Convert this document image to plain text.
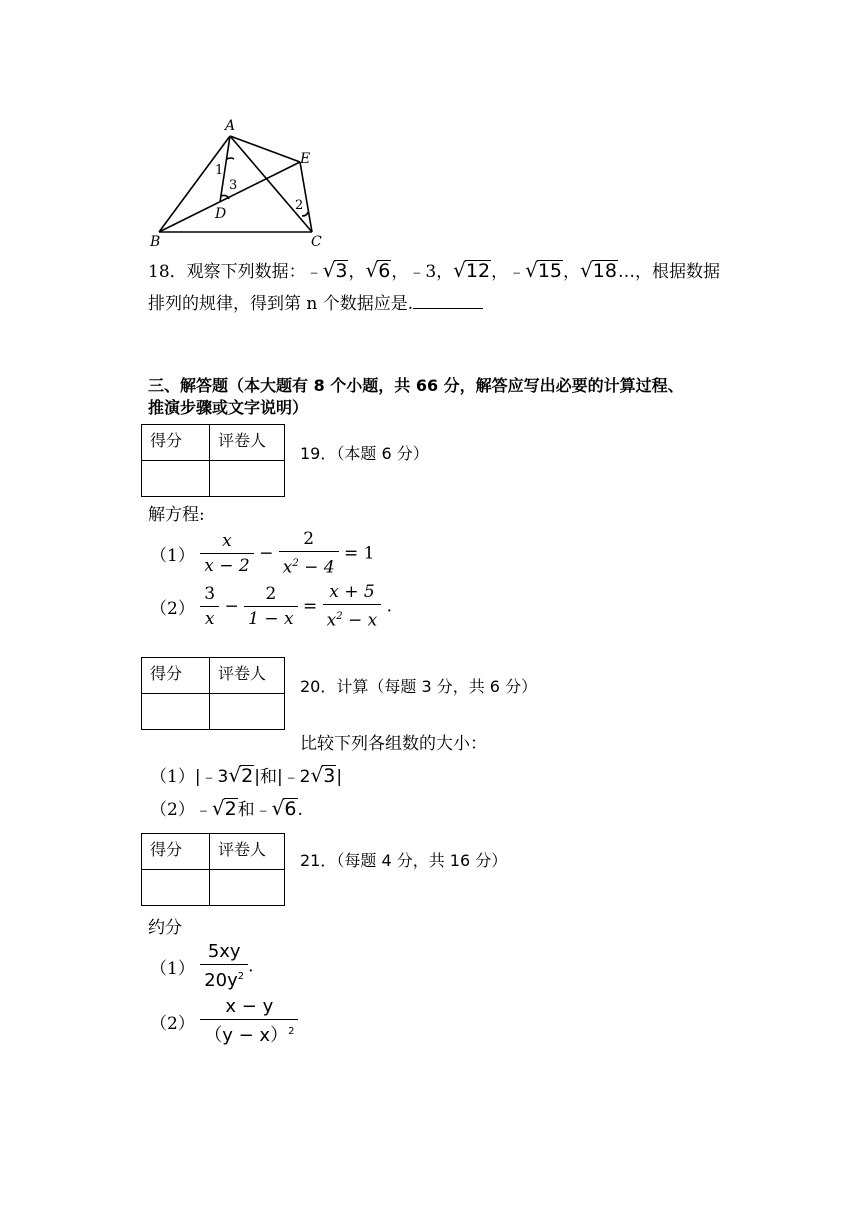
A
B	C
D
E
1
2
3
18．观察下列数据：﹣√3，√6，﹣3，√12，﹣√15，√18…，根据数据
排列的规律，得到第 n 个数据应是.
三、解答题（本大题有 8 个小题，共 66 分，解答应写出必要的计算过程、
推演步骤或文字说明）
得分	评卷人

19．（本题 6 分）
解方程:
$(1) \frac{x}{x - 2} - \frac{2}{x^2 - 4} = 1$
$(2) \frac{3}{x} - \frac{2}{1 - x} = \frac{x + 5}{x^2 - x}$ .
得分	评卷人

20．计算（每题 3 分，共 6 分）
比较下列各组数的大小：
（1）|﹣3√2|和|﹣2√3|
（2）﹣√2和﹣√6.
得分	评卷人

21．（每题 4 分，共 16 分）
约分
$(1) \frac{5xy}{20y^2}$ .
$(2) \frac{x - y}{(y - x)^2}$
